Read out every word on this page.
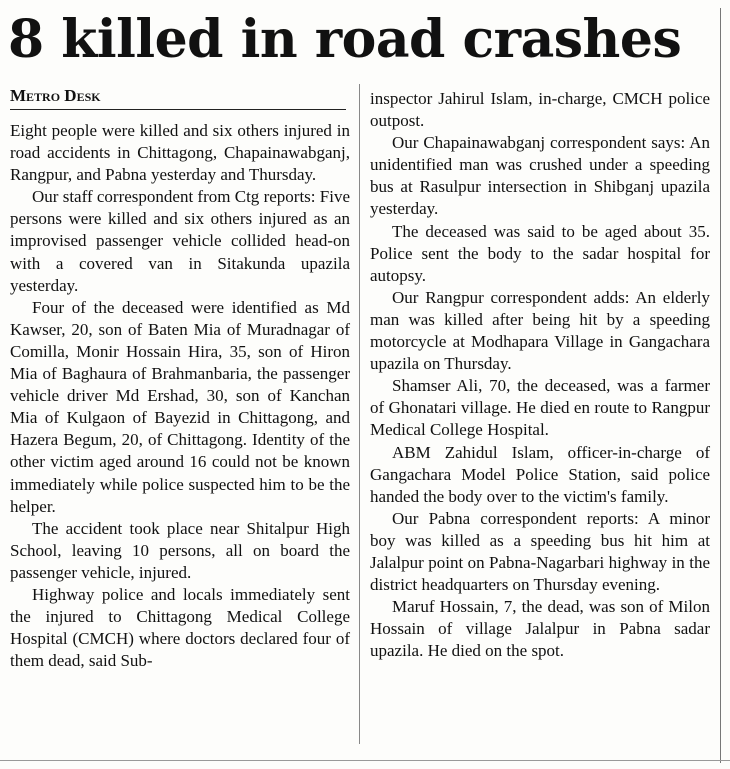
8 killed in road crashes
Metro Desk

Eight people were killed and six others injured in road accidents in Chittagong, Chapainawabganj, Rangpur, and Pabna yesterday and Thursday.

Our staff correspondent from Ctg reports: Five persons were killed and six others injured as an improvised passenger vehicle collided head-on with a covered van in Sitakunda upazila yesterday.

Four of the deceased were identified as Md Kawser, 20, son of Baten Mia of Muradnagar of Comilla, Monir Hossain Hira, 35, son of Hiron Mia of Baghaura of Brahmanbaria, the passenger vehicle driver Md Ershad, 30, son of Kanchan Mia of Kulgaon of Bayezid in Chittagong, and Hazera Begum, 20, of Chittagong. Identity of the other victim aged around 16 could not be known immediately while police suspected him to be the helper.

The accident took place near Shitalpur High School, leaving 10 persons, all on board the passenger vehicle, injured.

Highway police and locals immediately sent the injured to Chittagong Medical College Hospital (CMCH) where doctors declared four of them dead, said Sub-

inspector Jahirul Islam, in-charge, CMCH police outpost.

Our Chapainawabganj correspondent says: An unidentified man was crushed under a speeding bus at Rasulpur intersection in Shibganj upazila yesterday.

The deceased was said to be aged about 35. Police sent the body to the sadar hospital for autopsy.

Our Rangpur correspondent adds: An elderly man was killed after being hit by a speeding motorcycle at Modhapara Village in Gangachara upazila on Thursday.

Shamser Ali, 70, the deceased, was a farmer of Ghonatari village. He died en route to Rangpur Medical College Hospital.

ABM Zahidul Islam, officer-in-charge of Gangachara Model Police Station, said police handed the body over to the victim's family.

Our Pabna correspondent reports: A minor boy was killed as a speeding bus hit him at Jalalpur point on Pabna-Nagarbari highway in the district headquarters on Thursday evening.

Maruf Hossain, 7, the dead, was son of Milon Hossain of village Jalalpur in Pabna sadar upazila. He died on the spot.
